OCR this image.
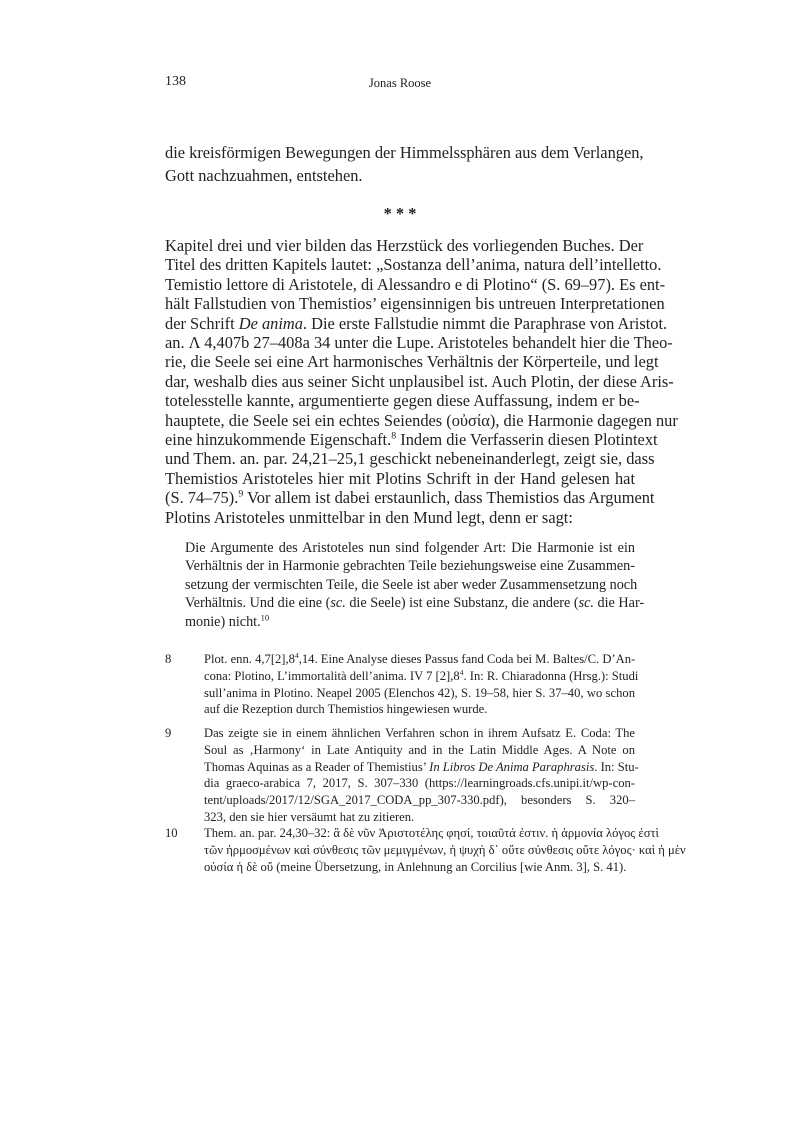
138	Jonas Roose
die kreisförmigen Bewegungen der Himmelssphären aus dem Verlangen,
Gott nachzuahmen, entstehen.
* * *
Kapitel drei und vier bilden das Herzstück des vorliegenden Buches. Der
Titel des dritten Kapitels lautet: „Sostanza dell’anima, natura dell’intelletto.
Temistio lettore di Aristotele, di Alessandro e di Plotino“ (S. 69–97). Es ent-
hält Fallstudien von Themistios’ eigensinnigen bis untreuen Interpretationen
der Schrift De anima. Die erste Fallstudie nimmt die Paraphrase von Aristot.
an. Λ 4,407b 27–408a 34 unter die Lupe. Aristoteles behandelt hier die Theo-
rie, die Seele sei eine Art harmonisches Verhältnis der Körperteile, und legt
dar, weshalb dies aus seiner Sicht unplausibel ist. Auch Plotin, der diese Aris-
totelesstelle kannte, argumentierte gegen diese Auffassung, indem er be-
hauptete, die Seele sei ein echtes Seiendes (οὐσία), die Harmonie dagegen nur
eine hinzukommende Eigenschaft.$^8$ Indem die Verfasserin diesen Plotintext
und Them. an. par. 24,21–25,1 geschickt nebeneinanderlegt, zeigt sie, dass
Themistios Aristoteles hier mit Plotins Schrift in der Hand gelesen hat
(S. 74–75).$^9$ Vor allem ist dabei erstaunlich, dass Themistios das Argument
Plotins Aristoteles unmittelbar in den Mund legt, denn er sagt:
Die Argumente des Aristoteles nun sind folgender Art: Die Harmonie ist ein
Verhältnis der in Harmonie gebrachten Teile beziehungsweise eine Zusammen-
setzung der vermischten Teile, die Seele ist aber weder Zusammensetzung noch
Verhältnis. Und die eine (sc. die Seele) ist eine Substanz, die andere (sc. die Har-
monie) nicht.$^{10}$
8	Plot. enn. $4,7[2],8^4,14$. Eine Analyse dieses Passus fand Coda bei M. Baltes/C. D’An-
cona: Plotino, L’immortalità dell’anima. IV 7 $[2],8^4$. In: R. Chiaradonna (Hrsg.): Studi
sull’anima in Plotino. Neapel 2005 (Elenchos 42), S. 19–58, hier S. 37–40, wo schon
auf die Rezeption durch Themistios hingewiesen wurde.
9	Das zeigte sie in einem ähnlichen Verfahren schon in ihrem Aufsatz E. Coda: The
Soul as ‚Harmony‘ in Late Antiquity and in the Latin Middle Ages. A Note on
Thomas Aquinas as a Reader of Themistius’ In Libros De Anima Paraphrasis. In: Stu-
dia graeco-arabica 7, 2017, S. 307–330 (https://learningroads.cfs.unipi.it/wp-con-
tent/uploads/2017/12/SGA_2017_CODA_pp_307-330.pdf), besonders S. 320–
323, den sie hier versäumt hat zu zitieren.
10 Them. an. par. 24,30–32: ἃ δὲ νῦν Ἀριστοτέλης φησί, τοιαῦτά ἐστιν. ἡ ἁρμονία λόγος ἐστὶ
τῶν ἡρμοσμένων καὶ σύνθεσις τῶν μεμιγμένων, ἡ ψυχὴ δ᾽ οὔτε σύνθεσις οὔτε λόγος· καὶ ἡ μὲν
οὐσία ἡ δὲ οὔ (meine Übersetzung, in Anlehnung an Corcilius [wie Anm. 3], S. 41).
